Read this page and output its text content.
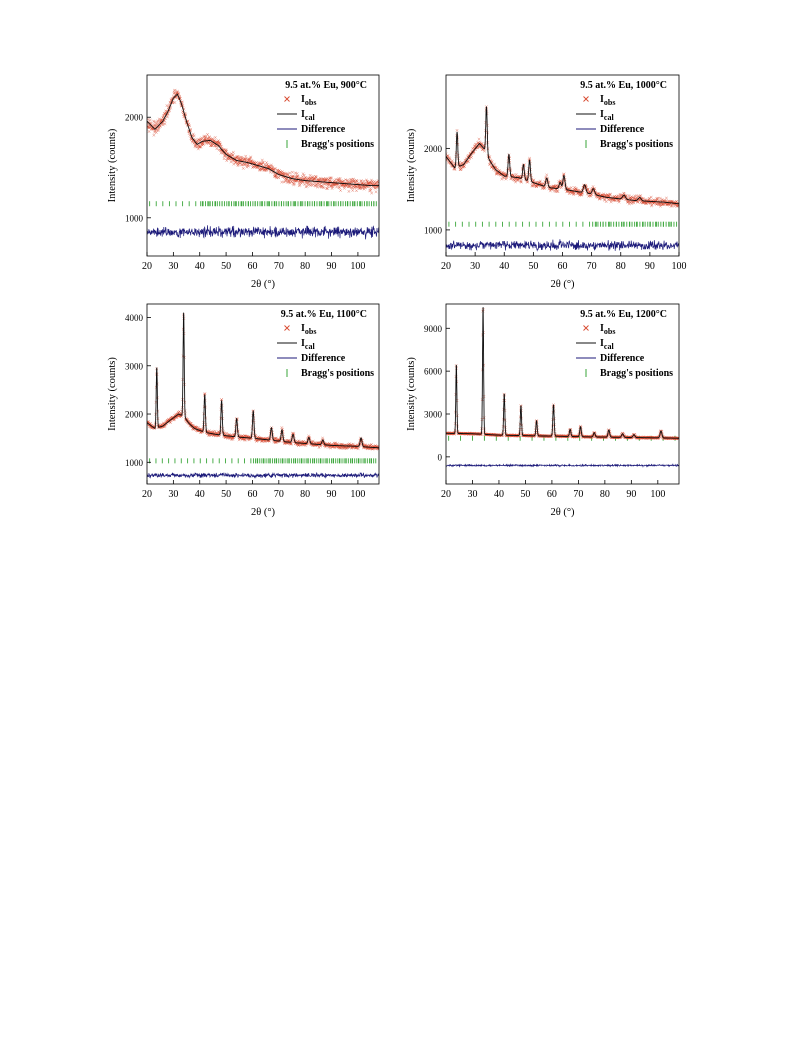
20 30 40 50 60 70 80 90 100
2θ (°)
1000
2000
Intensity (counts)
9.5 at.% Eu, 900°C
$I_{obs}$
$I_{cal}$
Difference
Bragg's positions
20 30 40 50 60 70 80 90 100
2θ (°)
1000
2000
Intensity (counts)
9.5 at.% Eu, 1000°C
$I_{obs}$
$I_{cal}$
Difference
Bragg's positions
20 30 40 50 60 70 80 90 100
2θ (°)
1000
2000
3000
4000
Intensity (counts)
9.5 at.% Eu, 1100°C
$I_{obs}$
$I_{cal}$
Difference
Bragg's positions
20 30 40 50 60 70 80 90 100
2θ (°)
0
3000
6000
9000
Intensity (counts)
9.5 at.% Eu, 1200°C
$I_{obs}$
$I_{cal}$
Difference
Bragg's positions
